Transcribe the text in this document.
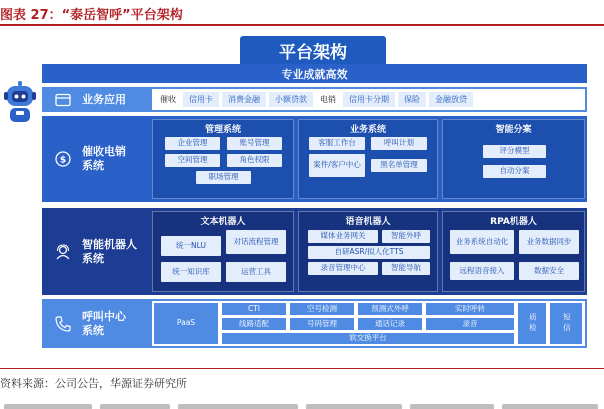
图表 27：“泰岳智呼”平台架构
平台架构
专业成就高效
业务应用	催收	信用卡	消费金融	小额贷款	电销	信用卡分期	保险	金融放贷
$
催收电销
系统
管理系统
企业管理	账号管理
空间管理	角色权限
职场管理
业务系统
客服工作台	呼叫计划
案件/客户中心	黑名单管理
智能分案
评分模型
自动分案
智能机器人
系统
文本机器人
统一NLU	对话流程管理
统一知识库	运营工具
语音机器人
媒体业务网关	智能外呼
自研ASR/拟人化TTS
录音管理中心	智能导航
RPA机器人
业务系统自动化	业务数据同步
远程语音接入	数据安全
呼叫中心
系统
PaaS
CTI
线路适配
空号检测
号码管理
预测式外呼
通话记录
实时呼转
录音	质检	短信
软交换平台
资料来源：公司公告，华源证券研究所
